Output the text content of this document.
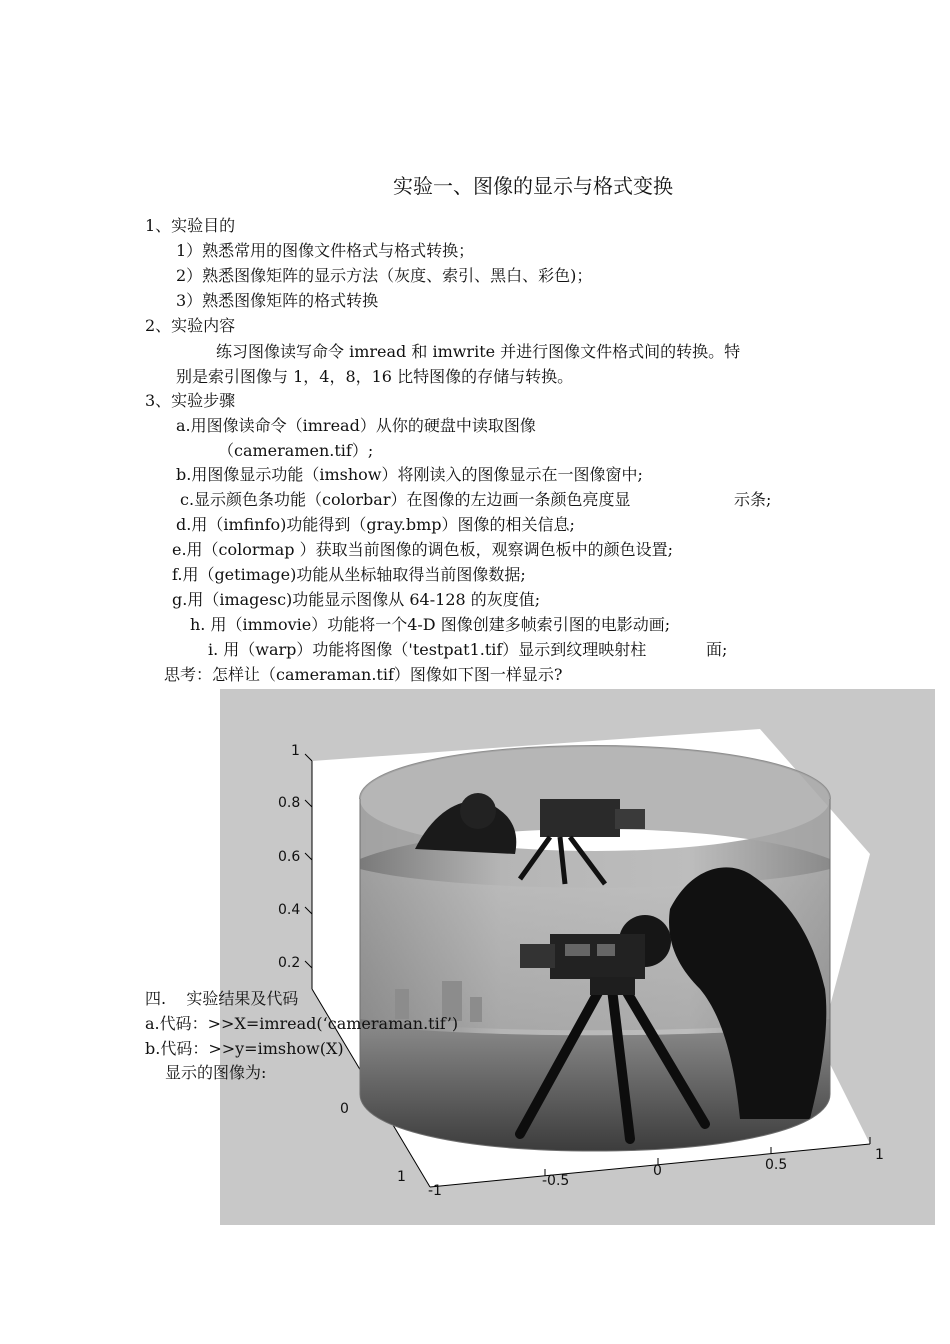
实验一、图像的显示与格式变换
1、实验目的
1）熟悉常用的图像文件格式与格式转换；
2）熟悉图像矩阵的显示方法（灰度、索引、黑白、彩色)；
3）熟悉图像矩阵的格式转换
2、实验内容
练习图像读写命令 imread 和 imwrite 并进行图像文件格式间的转换。特
别是索引图像与 1，4，8，16 比特图像的存储与转换。
3、实验步骤
a.用图像读命令（imread）从你的硬盘中读取图像
（cameramen.tif）;
b.用图像显示功能（imshow）将刚读入的图像显示在一图像窗中;
c.显示颜色条功能（colorbar）在图像的左边画一条颜色亮度显	示条;
d.用（imfinfo)功能得到（gray.bmp）图像的相关信息;
e.用（colormap ）获取当前图像的调色板，观察调色板中的颜色设置;
f.用（getimage)功能从坐标轴取得当前图像数据;
g.用（imagesc)功能显示图像从 64-128 的灰度值;
h. 用（immovie）功能将一个4-D 图像创建多帧索引图的电影动画;
i. 用（warp）功能将图像（'testpat1.tif）显示到纹理映射柱	面;
思考：怎样让（cameraman.tif）图像如下图一样显示?
1
0.8
0.6
0.4
0.2
0
1
-1
-0.5
0	0.5
1
四.    实验结果及代码
a.代码：>>X=imread(‘cameraman.tif’)
b.代码：>>y=imshow(X)
显示的图像为:
